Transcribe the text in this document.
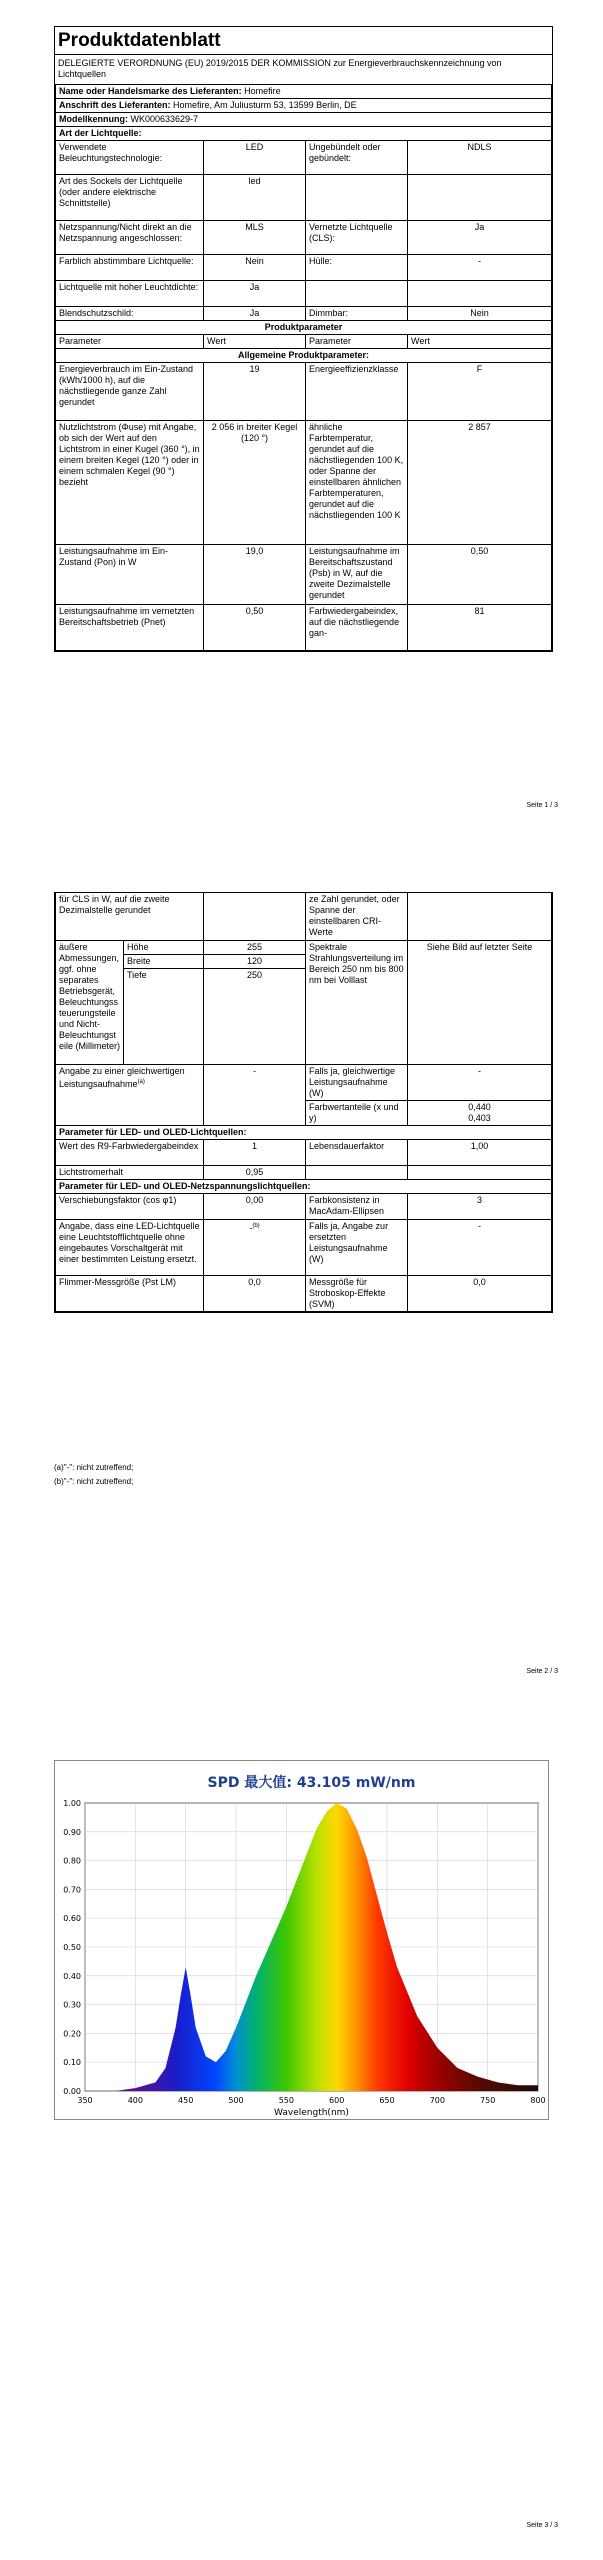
Produktdatenblatt
DELEGIERTE VERORDNUNG (EU) 2019/2015 DER KOMMISSION zur Energieverbrauchskennzeichnung von Lichtquellen
Name oder Handelsmarke des Lieferanten: Homefire			
Anschrift des Lieferanten: Homefire, Am Juliusturm 53, 13599 Berlin, DE			
Modellkennung: WK000633629-7			
Art der Lichtquelle:			
Verwendete Beleuchtungstechnologie:	LED	Ungebündelt oder gebündelt:	NDLS
Art des Sockels der Lichtquelle (oder andere elektrische Schnittstelle)	led		
Netzspannung/Nicht direkt an die Netzspannung angeschlossen:	MLS	Vernetzte Lichtquelle (CLS):	Ja
Farblich abstimmbare Lichtquelle:	Nein	Hülle:	-
Lichtquelle mit hoher Leuchtdichte:	Ja		
Blendschutzschild:	Ja	Dimmbar:	Nein
Produktparameter			
Parameter	Wert	Parameter	Wert
Allgemeine Produktparameter:			
Energieverbrauch im Ein-Zustand (kWh/1000 h), auf die nächstliegende ganze Zahl gerundet	19	Energieeffizienzklasse	F
Nutzlichtstrom (Φuse) mit Angabe, ob sich der Wert auf den Lichtstrom in einer Kugel (360 °), in einem breiten Kegel (120 °) oder in einem schmalen Kegel (90 °) bezieht	2 056 in breiter Kegel (120 °)	ähnliche Farbtemperatur, gerundet auf die nächstliegenden 100 K, oder Spanne der einstellbaren ähnlichen Farbtemperaturen, gerundet auf die nächstliegenden 100 K	2 857
Leistungsaufnahme im Ein-Zustand (Pon) in W	19,0	Leistungsaufnahme im Bereitschaftszustand (Psb) in W, auf die zweite Dezimalstelle gerundet	0,50
Leistungsaufnahme im vernetzten Bereitschaftsbetrieb (Pnet)	0,50	Farbwiedergabeindex, auf die nächstliegende gan-	81
Seite 1 / 3
für CLS in W, auf die zweite Dezimalstelle gerundet			ze Zahl gerundet, oder Spanne der einstellbaren CRI-Werte	
äußere Abmessungen, ggf. ohne separates Betriebsgerät, Beleuchtungssteuerungsteile und Nicht-Beleuchtungsteile (Millimeter)	Höhe	255	Spektrale Strahlungsverteilung im Bereich 250 nm bis 800 nm bei Volllast	Siehe Bild auf letzter Seite
	Breite	120		
	Tiefe	250		
Angabe zu einer gleichwertigen Leistungsaufnahme$^{(a)}$		-	Falls ja, gleichwertige Leistungsaufnahme (W)	-
			Farbwertanteile (x und y)	0,440
0,403

Parameter für LED- und OLED-Lichtquellen:				
Wert des R9-Farbwiedergabeindex		1	Lebensdauerfaktor	1,00
Lichtstromerhalt		0,95		
Parameter für LED- und OLED-Netzspannungslichtquellen:				
Verschiebungsfaktor (cos φ1)		0,00	Farbkonsistenz in MacAdam-Ellipsen	3
Angabe, dass eine LED-Lichtquelle eine Leuchtstofflichtquelle ohne eingebautes Vorschaltgerät mit einer bestimmten Leistung ersetzt.		-$^{(b)}$	Falls ja, Angabe zur ersetzten Leistungsaufnahme (W)	-
Flimmer-Messgröße (Pst LM)		0,0	Messgröße für Stroboskop-Effekte (SVM)	0,0
(a)"-": nicht zutreffend;
(b)"-": nicht zutreffend;
Seite 2 / 3
SPD 最大值: 43.105 mW/nm
0.00
0.10
0.20
0.30
0.40
0.50
0.60
0.70
0.80
0.90
1.00
350	400	450	500	550	600	650	700	750	800
Wavelength(nm)
Seite 3 / 3
